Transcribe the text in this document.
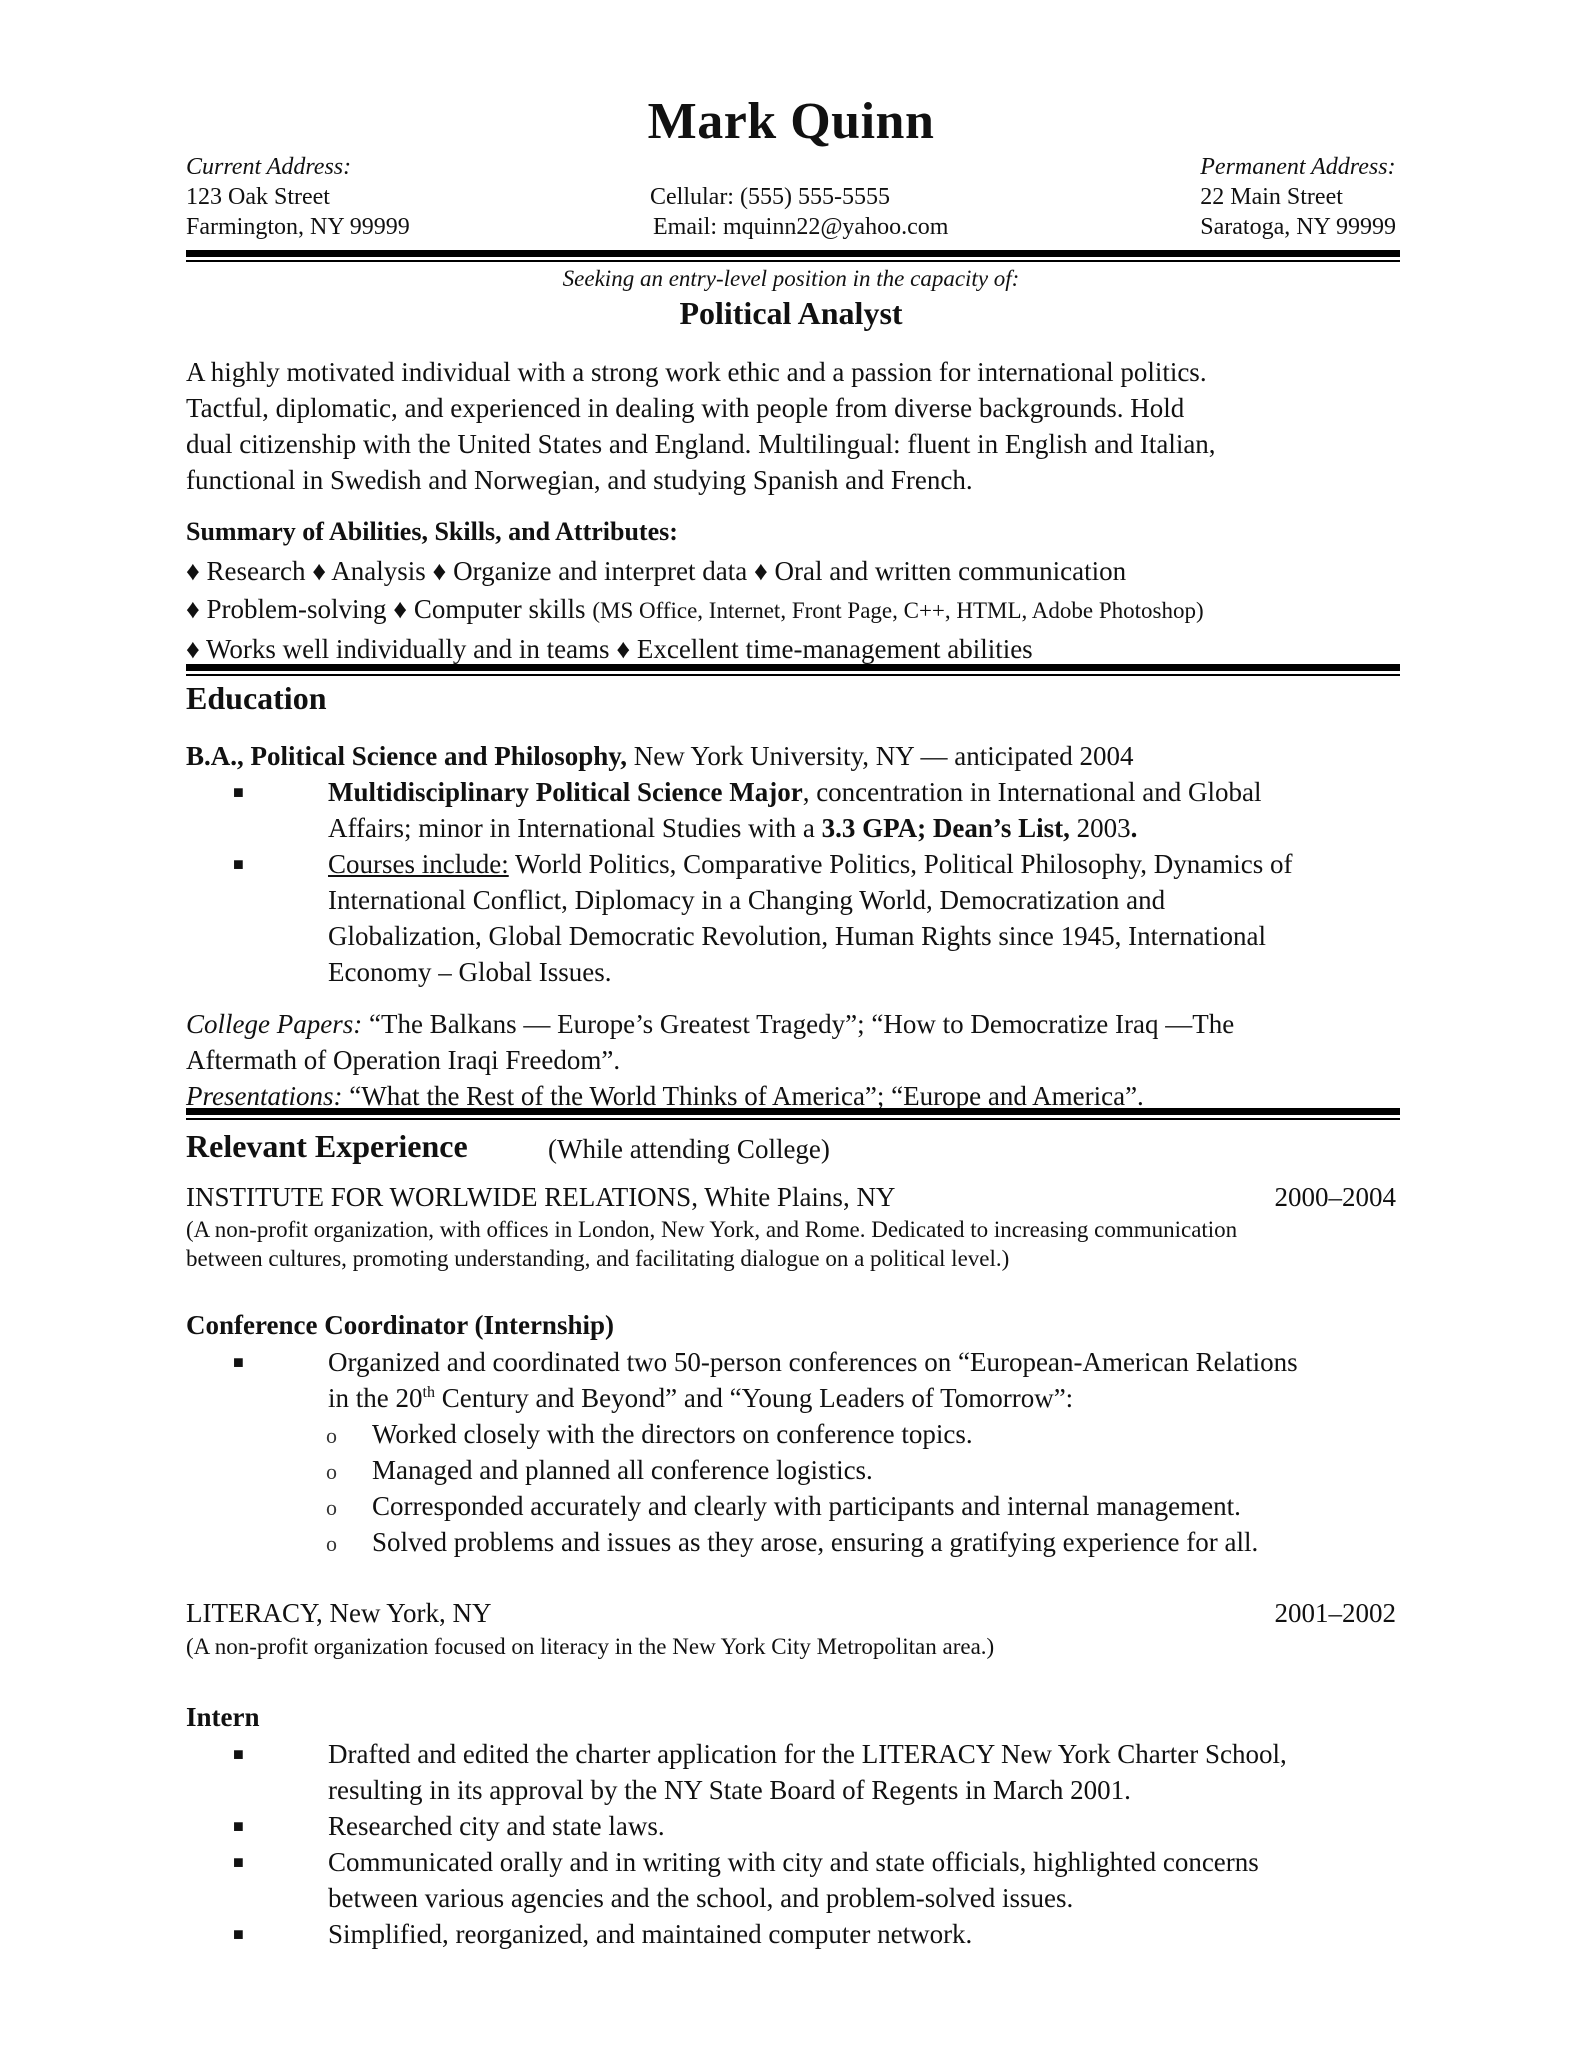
Mark Quinn
Current Address:
123 Oak Street
Farmington, NY 99999
Cellular: (555) 555-5555
Email: mquinn22@yahoo.com
Permanent Address:
22 Main Street
Saratoga, NY 99999
Seeking an entry-level position in the capacity of:
Political Analyst
A highly motivated individual with a strong work ethic and a passion for international politics.
Tactful, diplomatic, and experienced in dealing with people from diverse backgrounds. Hold
dual citizenship with the United States and England. Multilingual: fluent in English and Italian,
functional in Swedish and Norwegian, and studying Spanish and French.
Summary of Abilities, Skills, and Attributes:
♦ Research ♦ Analysis ♦ Organize and interpret data ♦ Oral and written communication
♦ Problem-solving ♦ Computer skills (MS Office, Internet, Front Page, C++, HTML, Adobe Photoshop)
♦ Works well individually and in teams ♦ Excellent time-management abilities
Education
B.A., Political Science and Philosophy, New York University, NY — anticipated 2004
■	Multidisciplinary Political Science Major, concentration in International and Global
Affairs; minor in International Studies with a 3.3 GPA; Dean’s List, 2003.
■	Courses include: World Politics, Comparative Politics, Political Philosophy, Dynamics of
International Conflict, Diplomacy in a Changing World, Democratization and
Globalization, Global Democratic Revolution, Human Rights since 1945, International
Economy – Global Issues.
College Papers: “The Balkans — Europe’s Greatest Tragedy”; “How to Democratize Iraq —The
Aftermath of Operation Iraqi Freedom”.
Presentations: “What the Rest of the World Thinks of America”; “Europe and America”.
Relevant Experience	(While attending College)
INSTITUTE FOR WORLWIDE RELATIONS, White Plains, NY	2000–2004
(A non-profit organization, with offices in London, New York, and Rome. Dedicated to increasing communication
between cultures, promoting understanding, and facilitating dialogue on a political level.)
Conference Coordinator (Internship)
■	Organized and coordinated two 50-person conferences on “European-American Relations
in the 20th Century and Beyond” and “Young Leaders of Tomorrow”:
o Worked closely with the directors on conference topics.
o Managed and planned all conference logistics.
o Corresponded accurately and clearly with participants and internal management.
o Solved problems and issues as they arose, ensuring a gratifying experience for all.
LITERACY, New York, NY	2001–2002
(A non-profit organization focused on literacy in the New York City Metropolitan area.)
Intern
■	Drafted and edited the charter application for the LITERACY New York Charter School,
resulting in its approval by the NY State Board of Regents in March 2001.
■	Researched city and state laws.
■	Communicated orally and in writing with city and state officials, highlighted concerns
between various agencies and the school, and problem-solved issues.
■	Simplified, reorganized, and maintained computer network.
